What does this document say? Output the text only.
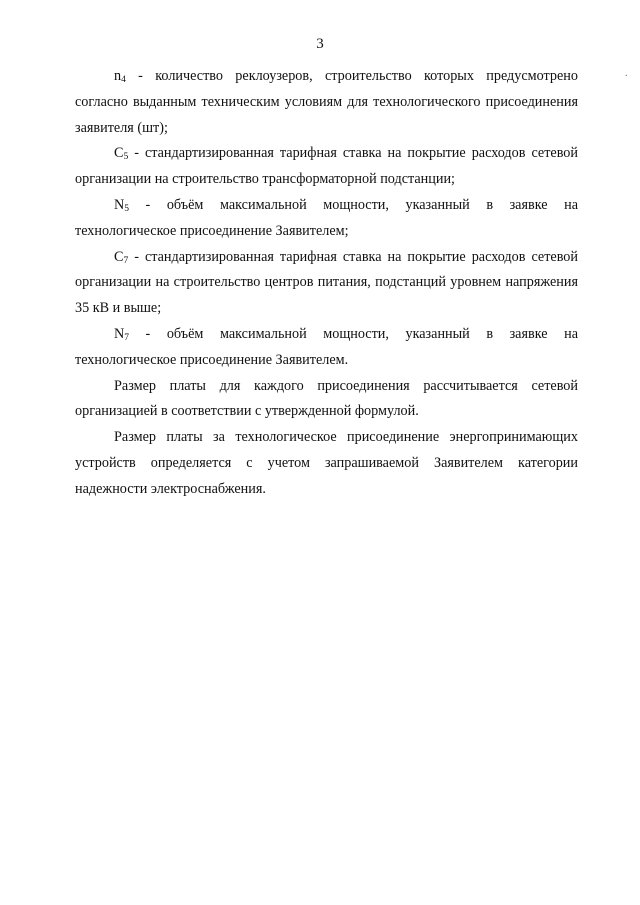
3
.

$n_4$ - количество реклоузеров, строительство которых предусмотрено согласно выданным техническим условиям для технологического присоединения заявителя (шт);

$C_5$ - стандартизированная тарифная ставка на покрытие расходов сетевой организации на строительство трансформаторной подстанции;

$N_5$ - объём максимальной мощности, указанный в заявке на технологическое присоединение Заявителем;

$C_7$ - стандартизированная тарифная ставка на покрытие расходов сетевой организации на строительство центров питания, подстанций уровнем напряжения 35 кВ и выше;

$N_7$ - объём максимальной мощности, указанный в заявке на технологическое присоединение Заявителем.

Размер платы для каждого присоединения рассчитывается сетевой организацией в соответствии с утвержденной формулой.

Размер платы за технологическое присоединение энергопринимающих устройств определяется с учетом запрашиваемой Заявителем категории надежности электроснабжения.
